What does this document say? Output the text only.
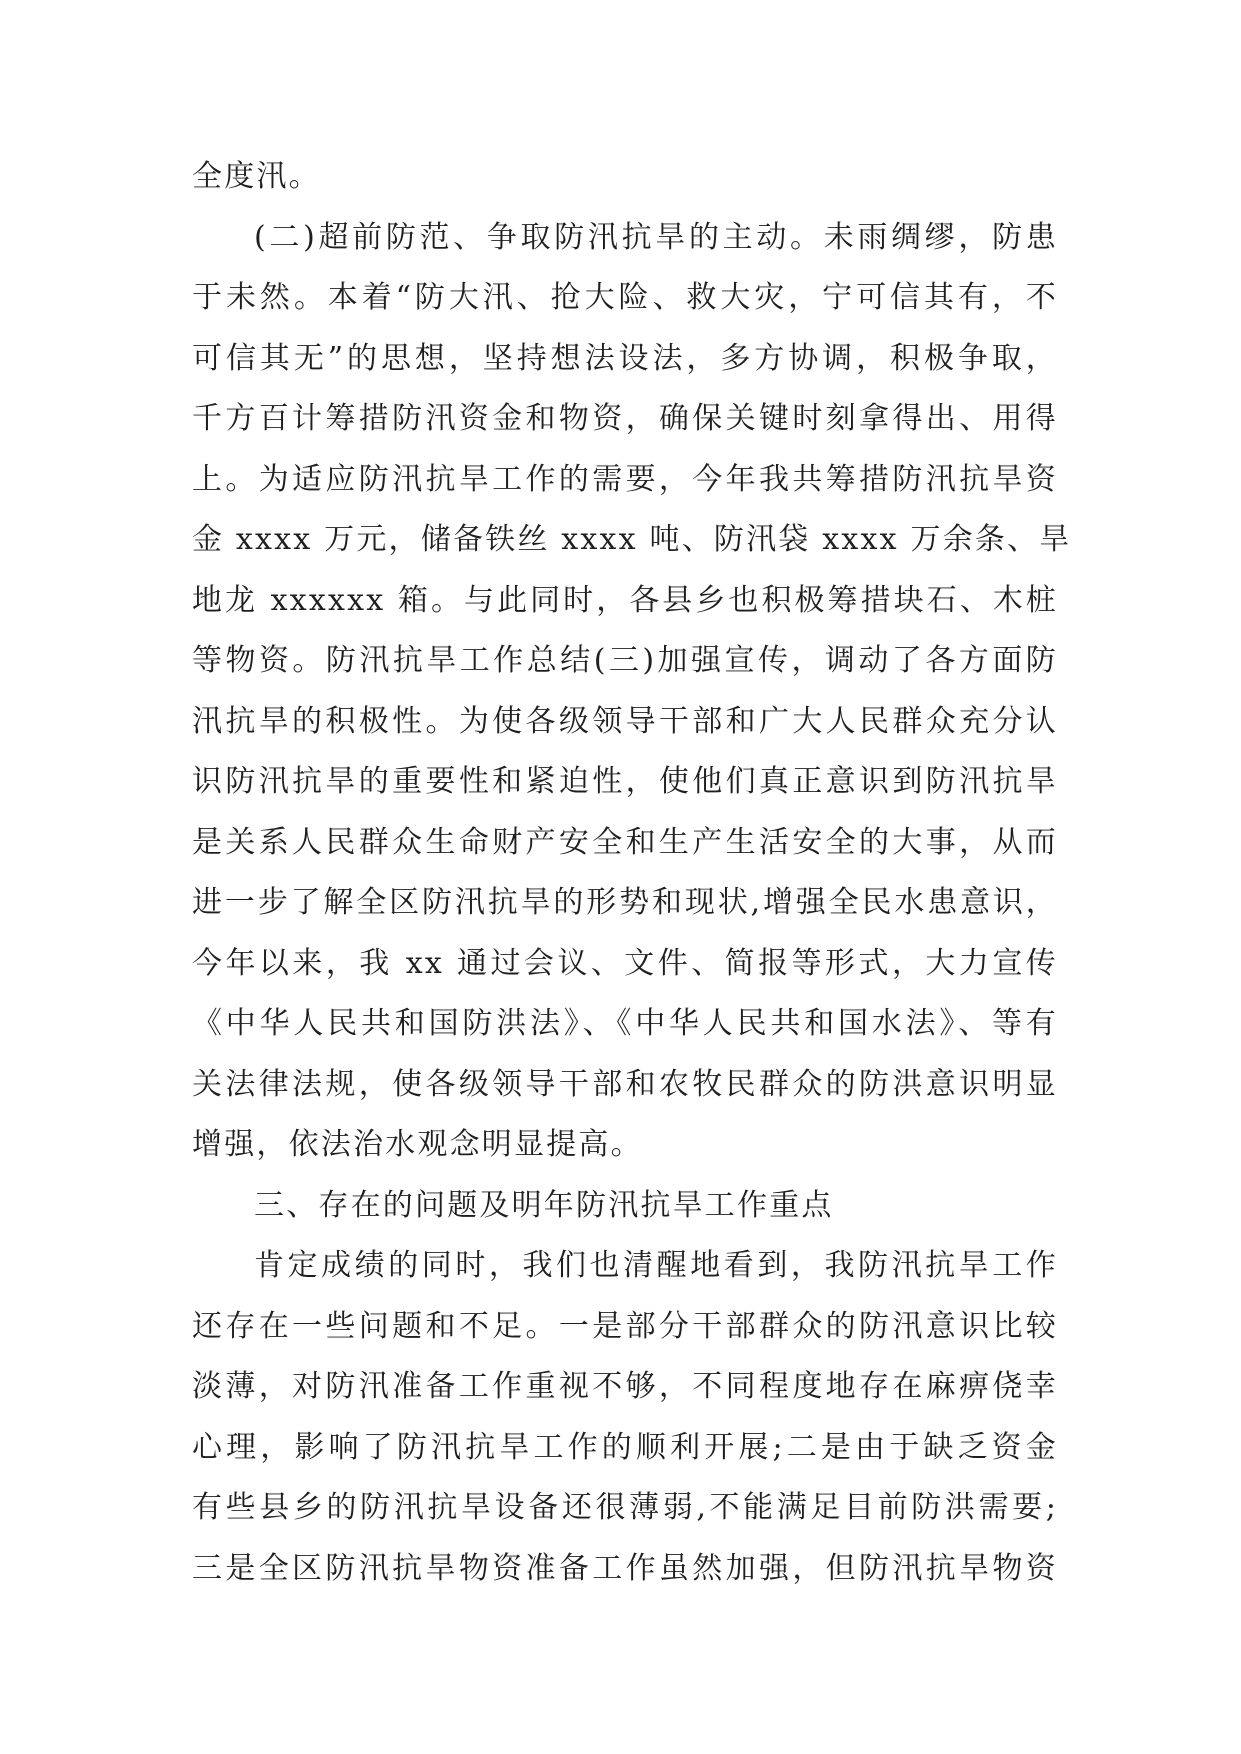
全度汛。
(二)超前防范、争取防汛抗旱的主动。未雨绸缪，防患
于未然。本着“防大汛、抢大险、救大灾，宁可信其有，不
可信其无”的思想，坚持想法设法，多方协调，积极争取，
千方百计筹措防汛资金和物资，确保关键时刻拿得出、用得
上。为适应防汛抗旱工作的需要，今年我共筹措防汛抗旱资
金 xxxx 万元，储备铁丝 xxxx 吨、防汛袋 xxxx 万余条、旱
地龙 xxxxxx 箱。与此同时，各县乡也积极筹措块石、木桩
等物资。防汛抗旱工作总结(三)加强宣传，调动了各方面防
汛抗旱的积极性。为使各级领导干部和广大人民群众充分认
识防汛抗旱的重要性和紧迫性，使他们真正意识到防汛抗旱
是关系人民群众生命财产安全和生产生活安全的大事，从而
进一步了解全区防汛抗旱的形势和现状,增强全民水患意识，
今年以来，我 xx 通过会议、文件、简报等形式，大力宣传
《中华人民共和国防洪法》、《中华人民共和国水法》、等有
关法律法规，使各级领导干部和农牧民群众的防洪意识明显
增强，依法治水观念明显提高。
三、存在的问题及明年防汛抗旱工作重点
肯定成绩的同时，我们也清醒地看到，我防汛抗旱工作
还存在一些问题和不足。一是部分干部群众的防汛意识比较
淡薄，对防汛准备工作重视不够，不同程度地存在麻痹侥幸
心理，影响了防汛抗旱工作的顺利开展;二是由于缺乏资金
有些县乡的防汛抗旱设备还很薄弱,不能满足目前防洪需要;
三是全区防汛抗旱物资准备工作虽然加强，但防汛抗旱物资
